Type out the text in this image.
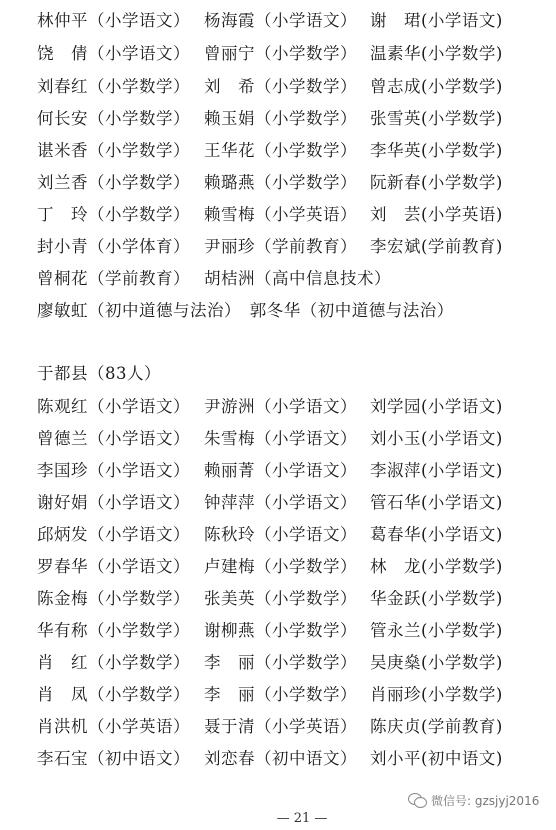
林仲平（小学语文） 杨海霞（小学语文） 谢　珺(小学语文)
饶　倩（小学语文） 曾丽宁（小学数学） 温素华(小学数学)
刘春红（小学数学） 刘　希（小学数学） 曾志成(小学数学)
何长安（小学数学） 赖玉娟（小学数学） 张雪英(小学数学)
谌米香（小学数学） 王华花（小学数学） 李华英(小学数学)
刘兰香（小学数学） 赖璐燕（小学数学） 阮新春(小学数学)
丁　玲（小学数学） 赖雪梅（小学英语） 刘　芸(小学英语)
封小青（小学体育） 尹丽珍（学前教育） 李宏斌(学前教育)
曾桐花（学前教育） 胡桔洲（高中信息技术）
廖敏虹（初中道德与法治）　郭冬华（初中道德与法治）
于都县（83人）
陈观红（小学语文） 尹游洲（小学语文） 刘学园(小学语文)
曾德兰（小学语文） 朱雪梅（小学语文） 刘小玉(小学语文)
李国珍（小学语文） 赖丽菁（小学语文） 李淑萍(小学语文)
谢好娟（小学语文） 钟萍萍（小学语文） 管石华(小学语文)
邱炳发（小学语文） 陈秋玲（小学语文） 葛春华(小学语文)
罗春华（小学语文） 卢建梅（小学数学） 林　龙(小学数学)
陈金梅（小学数学） 张美英（小学数学） 华金跃(小学数学)
华有称（小学数学） 谢柳燕（小学数学） 管永兰(小学数学)
肖　红（小学数学） 李　丽（小学数学） 吴庚燊(小学数学)
肖　凤（小学数学） 李　丽（小学数学） 肖丽珍(小学数学)
肖洪机（小学英语） 聂于清（小学英语） 陈庆贞(学前教育)
李石宝（初中语文） 刘恋春（初中语文） 刘小平(初中语文)
微信号: gzsjyj2016
— 21 —
